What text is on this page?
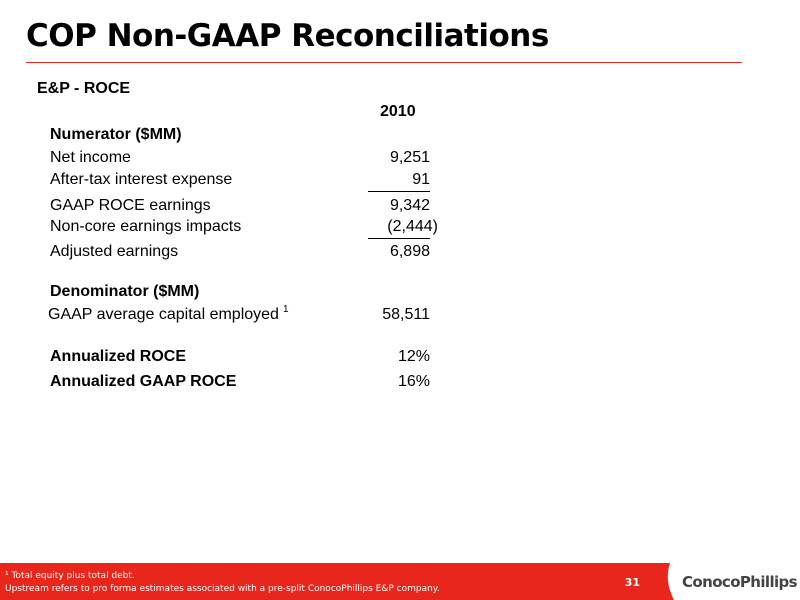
COP Non-GAAP Reconciliations
E&P - ROCE
2010
Numerator ($MM)
Net income	9,251
After-tax interest expense	91
GAAP ROCE earnings	9,342
Non-core earnings impacts	(2,444)
Adjusted earnings	6,898
Denominator ($MM)
GAAP average capital employed $^1$	58,511
Annualized ROCE	12%
Annualized GAAP ROCE	16%
¹ Total equity plus total debt.
Upstream refers to pro forma estimates associated with a pre-split ConocoPhillips E&P company.	31	ConocoPhillips
